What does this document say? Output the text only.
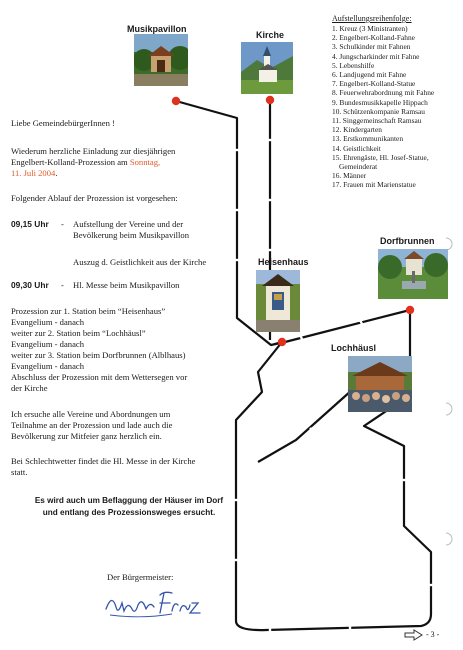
Musikpavillon
Kirche
Heisenhaus
Lochhäusl
Dorfbrunnen
Aufstellungsreihenfolge:
1. Kreuz (3 Ministranten)
2. Engelbert-Kolland-Fahne
3. Schulkinder mit Fahnen
4. Jungscharkinder mit Fahne
5. Lebenshilfe
6. Landjugend mit Fahne
7. Engelbert-Kolland-Statue
8. Feuerwehrabordnung mit Fahne
9. Bundesmusikkapelle Hippach
10. Schützenkompanie Ramsau
11. Singgemeinschaft Ramsau
12. Kindergarten
13. Erstkommunikanten
14. Geistlichkeit
15. Ehrengäste, Hl. Josef-Statue,
Gemeinderat
16. Männer
17. Frauen mit Marienstatue
Liebe GemeindebürgerInnen !
Wiederum herzliche Einladung zur diesjährigen
Engelbert-Kolland-Prozession am Sonntag,
11. Juli 2004.
Folgender Ablauf der Prozession ist vorgesehen:
09,15 Uhr - Aufstellung der Vereine und der
Bevölkerung beim Musikpavillon
Auszug d. Geistlichkeit aus der Kirche
09,30 Uhr - Hl. Messe beim Musikpavillon
Prozession zur 1. Station beim “Heisenhaus”
Evangelium - danach
weiter zur 2. Station beim “Lochhäusl”
Evangelium - danach
weiter zur 3. Station beim Dorfbrunnen (Alblhaus)
Evangelium - danach
Abschluss der Prozession mit dem Wettersegen vor
der Kirche
Ich ersuche alle Vereine und Abordnungen um
Teilnahme an der Prozession und lade auch die
Bevölkerung zur Mitfeier ganz herzlich ein.
Bei Schlechtwetter findet die Hl. Messe in der Kirche
statt.
Es wird auch um Beflaggung der Häuser im Dorf
und entlang des Prozessionsweges ersucht.
Der Bürgermeister:
- 3 -
